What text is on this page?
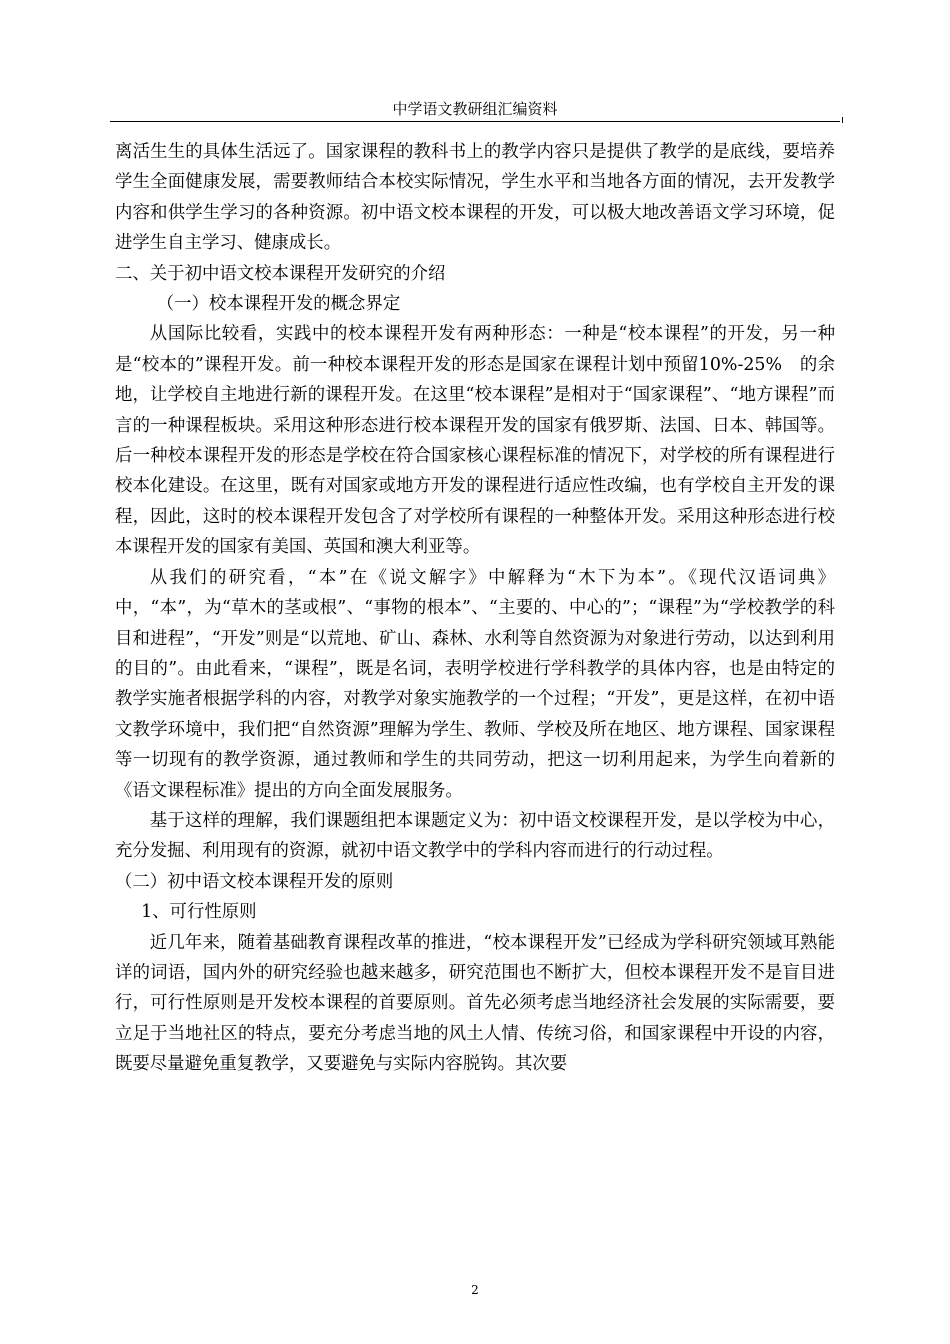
中学语文教研组汇编资料

离活生生的具体生活远了。国家课程的教科书上的教学内容只是提供了教学的是底线，要培养学生全面健康发展，需要教师结合本校实际情况，学生水平和当地各方面的情况，去开发教学内容和供学生学习的各种资源。初中语文校本课程的开发，可以极大地改善语文学习环境，促进学生自主学习、健康成长。

二、关于初中语文校本课程开发研究的介绍

（一）校本课程开发的概念界定

从国际比较看，实践中的校本课程开发有两种形态：一种是“校本课程”的开发，另一种是“校本的”课程开发。前一种校本课程开发的形态是国家在课程计划中预留10%-25%　的余地，让学校自主地进行新的课程开发。在这里“校本课程”是相对于“国家课程”、“地方课程”而言的一种课程板块。采用这种形态进行校本课程开发的国家有俄罗斯、法国、日本、韩国等。后一种校本课程开发的形态是学校在符合国家核心课程标准的情况下，对学校的所有课程进行校本化建设。在这里，既有对国家或地方开发的课程进行适应性改编，也有学校自主开发的课程，因此，这时的校本课程开发包含了对学校所有课程的一种整体开发。采用这种形态进行校本课程开发的国家有美国、英国和澳大利亚等。

从我们的研究看，“本”在《说文解字》中解释为“木下为本”。《现代汉语词典》中，“本”，为“草木的茎或根”、“事物的根本”、“主要的、中心的”；“课程”为“学校教学的科目和进程”，“开发”则是“以荒地、矿山、森林、水利等自然资源为对象进行劳动，以达到利用的目的”。由此看来，“课程”，既是名词，表明学校进行学科教学的具体内容，也是由特定的教学实施者根据学科的内容，对教学对象实施教学的一个过程；“开发”，更是这样，在初中语文教学环境中，我们把“自然资源”理解为学生、教师、学校及所在地区、地方课程、国家课程等一切现有的教学资源，通过教师和学生的共同劳动，把这一切利用起来，为学生向着新的《语文课程标准》提出的方向全面发展服务。

基于这样的理解，我们课题组把本课题定义为：初中语文校课程开发，是以学校为中心，充分发掘、利用现有的资源，就初中语文教学中的学科内容而进行的行动过程。

（二）初中语文校本课程开发的原则

1、可行性原则

近几年来，随着基础教育课程改革的推进，“校本课程开发”已经成为学科研究领域耳熟能详的词语，国内外的研究经验也越来越多，研究范围也不断扩大，但校本课程开发不是盲目进行，可行性原则是开发校本课程的首要原则。首先必须考虑当地经济社会发展的实际需要，要立足于当地社区的特点，要充分考虑当地的风土人情、传统习俗，和国家课程中开设的内容，既要尽量避免重复教学，又要避免与实际内容脱钩。其次要

2
